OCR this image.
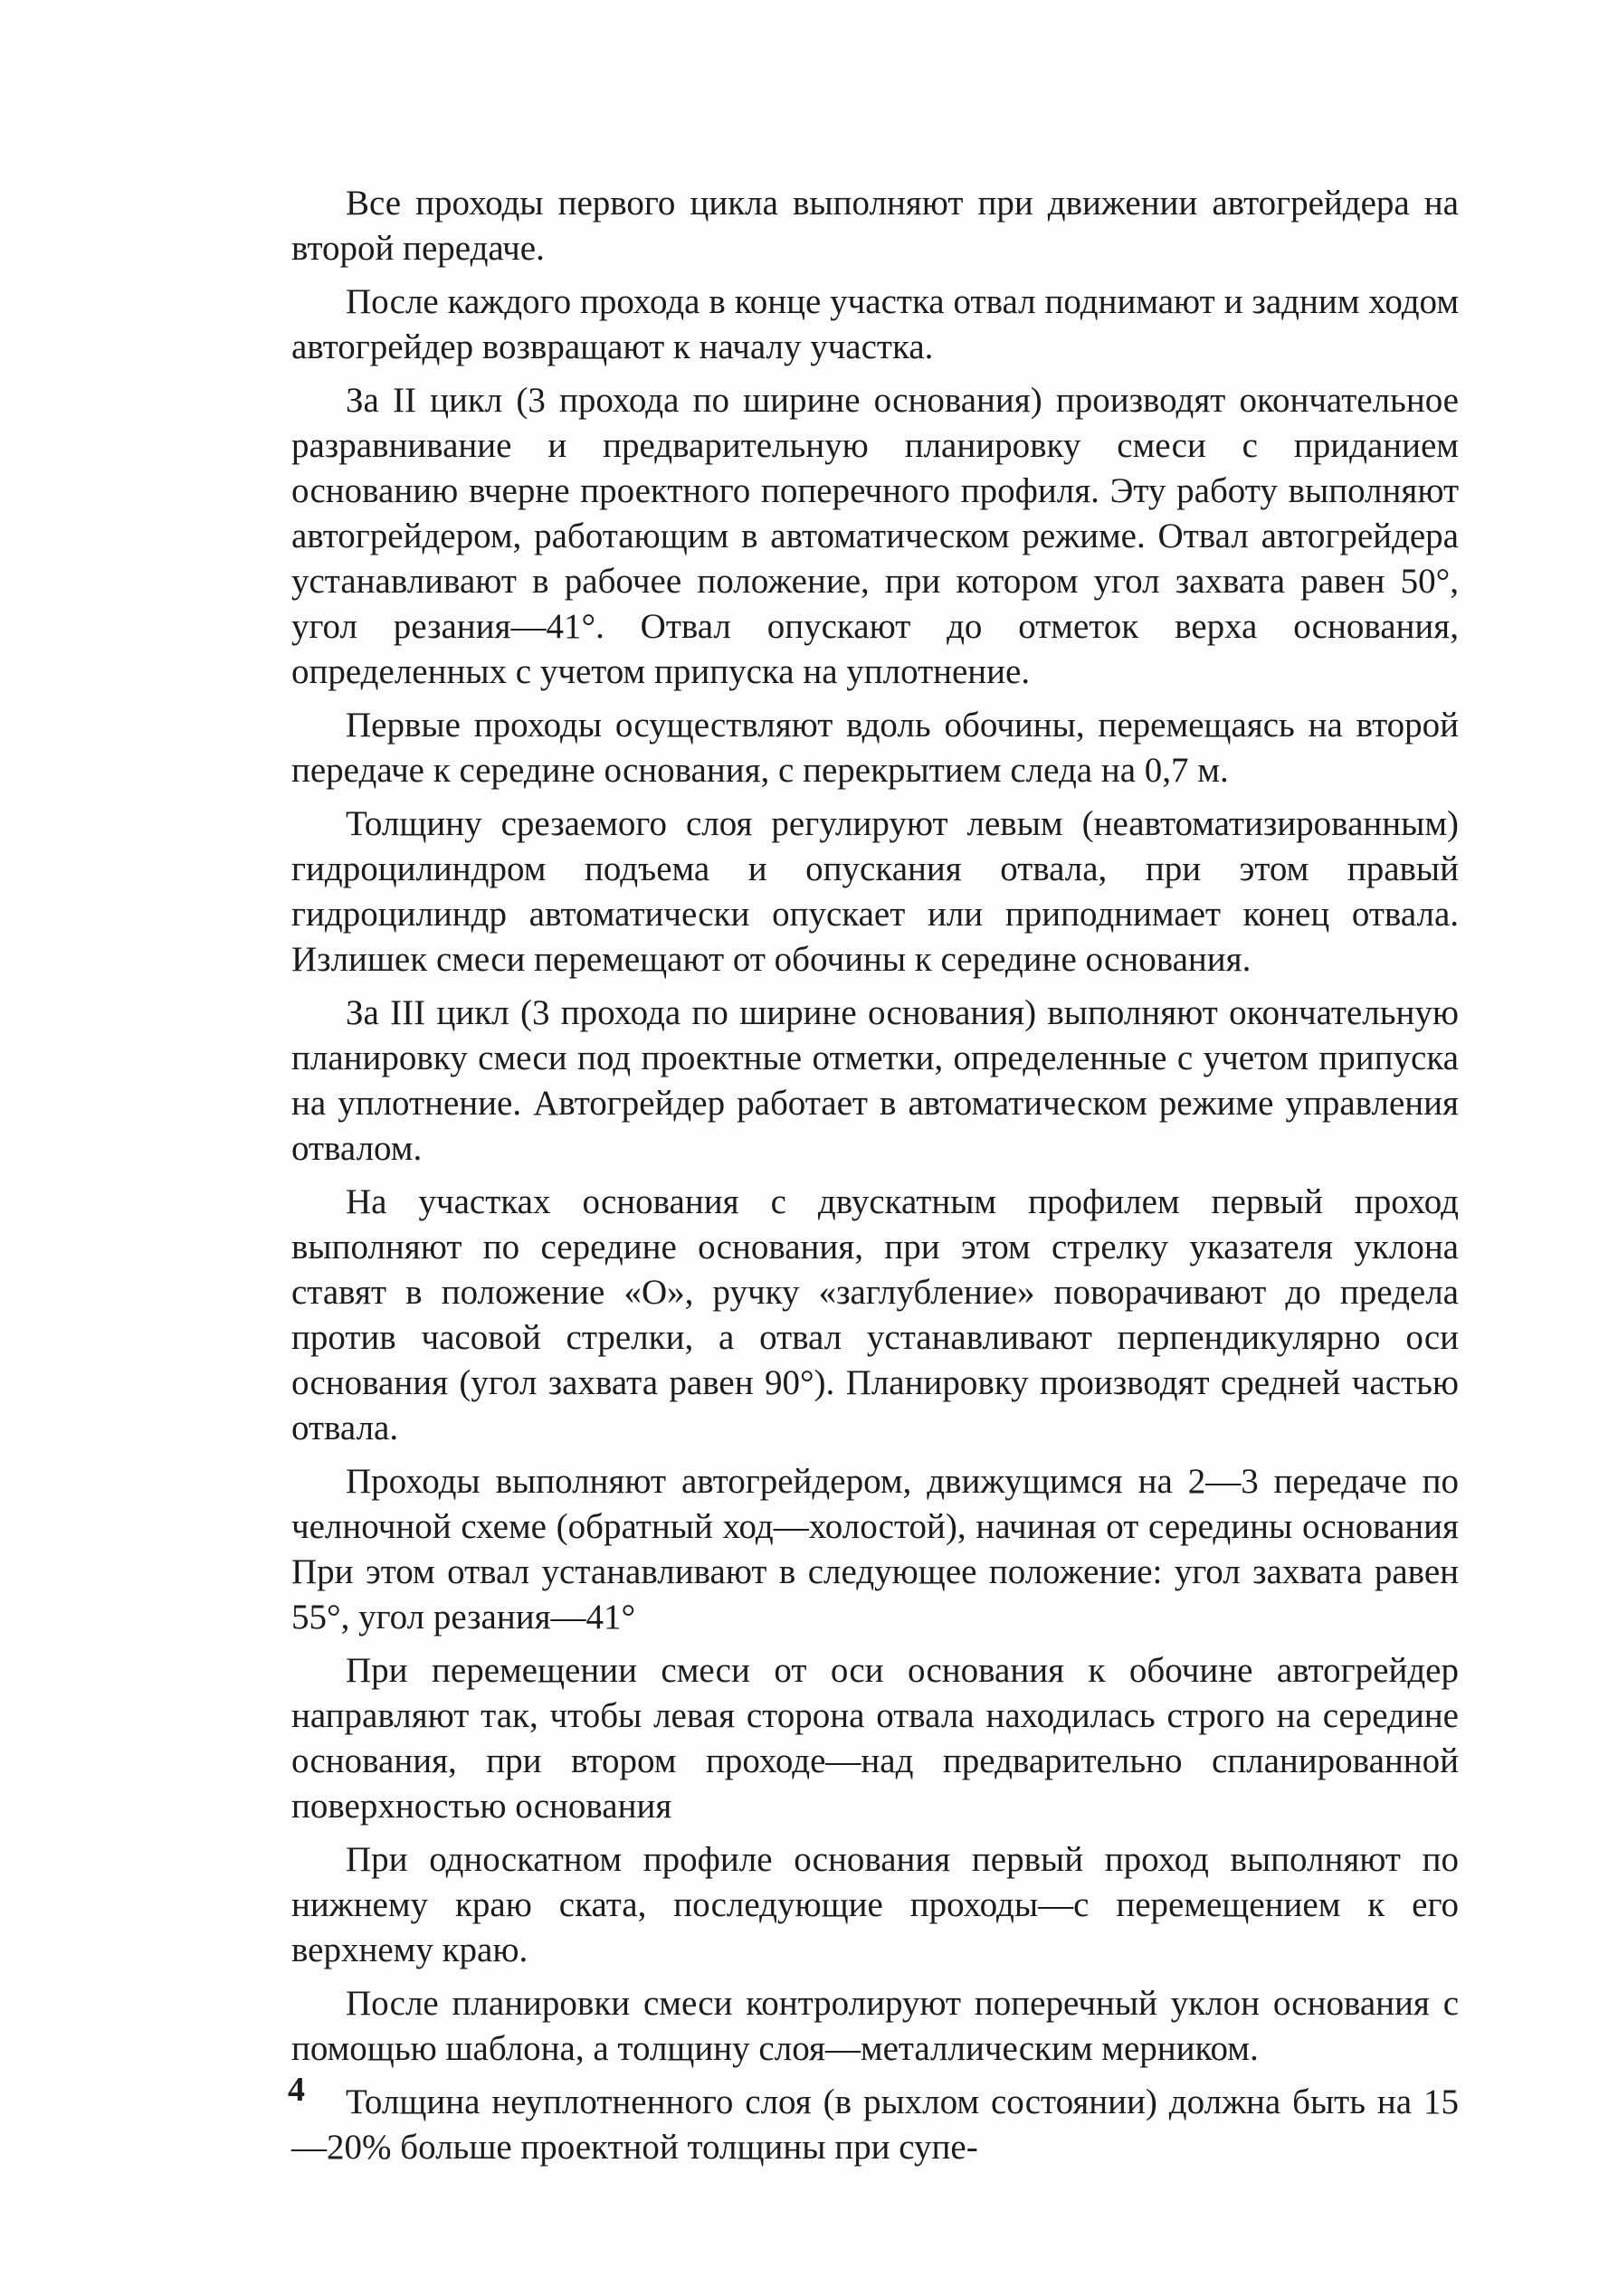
Все проходы первого цикла выполняют при движении автогрейдера на второй передаче.

После каждого прохода в конце участка отвал поднимают и задним ходом автогрейдер возвращают к началу участка.

За II цикл (3 прохода по ширине основания) производят окончательное разравнивание и предварительную планировку смеси с приданием основанию вчерне проектного поперечного профиля. Эту работу выполняют автогрейдером, работающим в автоматическом режиме. Отвал автогрейдера устанавливают в рабочее положение, при котором угол захвата равен 50°, угол резания—41°. Отвал опускают до отметок верха основания, определенных с учетом припуска на уплотнение.

Первые проходы осуществляют вдоль обочины, перемещаясь на второй передаче к середине основания, с перекрытием следа на 0,7 м.

Толщину срезаемого слоя регулируют левым (неавтоматизированным) гидроцилиндром подъема и опускания отвала, при этом правый гидроцилиндр автоматически опускает или приподнимает конец отвала. Излишек смеси перемещают от обочины к середине основания.

За III цикл (3 прохода по ширине основания) выполняют окончательную планировку смеси под проектные отметки, определенные с учетом припуска на уплотнение. Автогрейдер работает в автоматическом режиме управления отвалом.

На участках основания с двускатным профилем первый проход выполняют по середине основания, при этом стрелку указателя уклона ставят в положение «О», ручку «заглубление» поворачивают до предела против часовой стрелки, а отвал устанавливают перпендикулярно оси основания (угол захвата равен 90°). Планировку производят средней частью отвала.

Проходы выполняют автогрейдером, движущимся на 2—3 передаче по челночной схеме (обратный ход—холостой), начиная от середины основания При этом отвал устанавливают в следующее положение: угол захвата равен 55°, угол резания—41°

При перемещении смеси от оси основания к обочине автогрейдер направляют так, чтобы левая сторона отвала находилась строго на середине основания, при втором проходе—над предварительно спланированной поверхностью основания

При односкатном профиле основания первый проход выполняют по нижнему краю ската, последующие проходы—с перемещением к его верхнему краю.

После планировки смеси контролируют поперечный уклон основания с помощью шаблона, а толщину слоя—металлическим мерником.

Толщина неуплотненного слоя (в рыхлом состоянии) должна быть на 15—20% больше проектной толщины при супе-

4
